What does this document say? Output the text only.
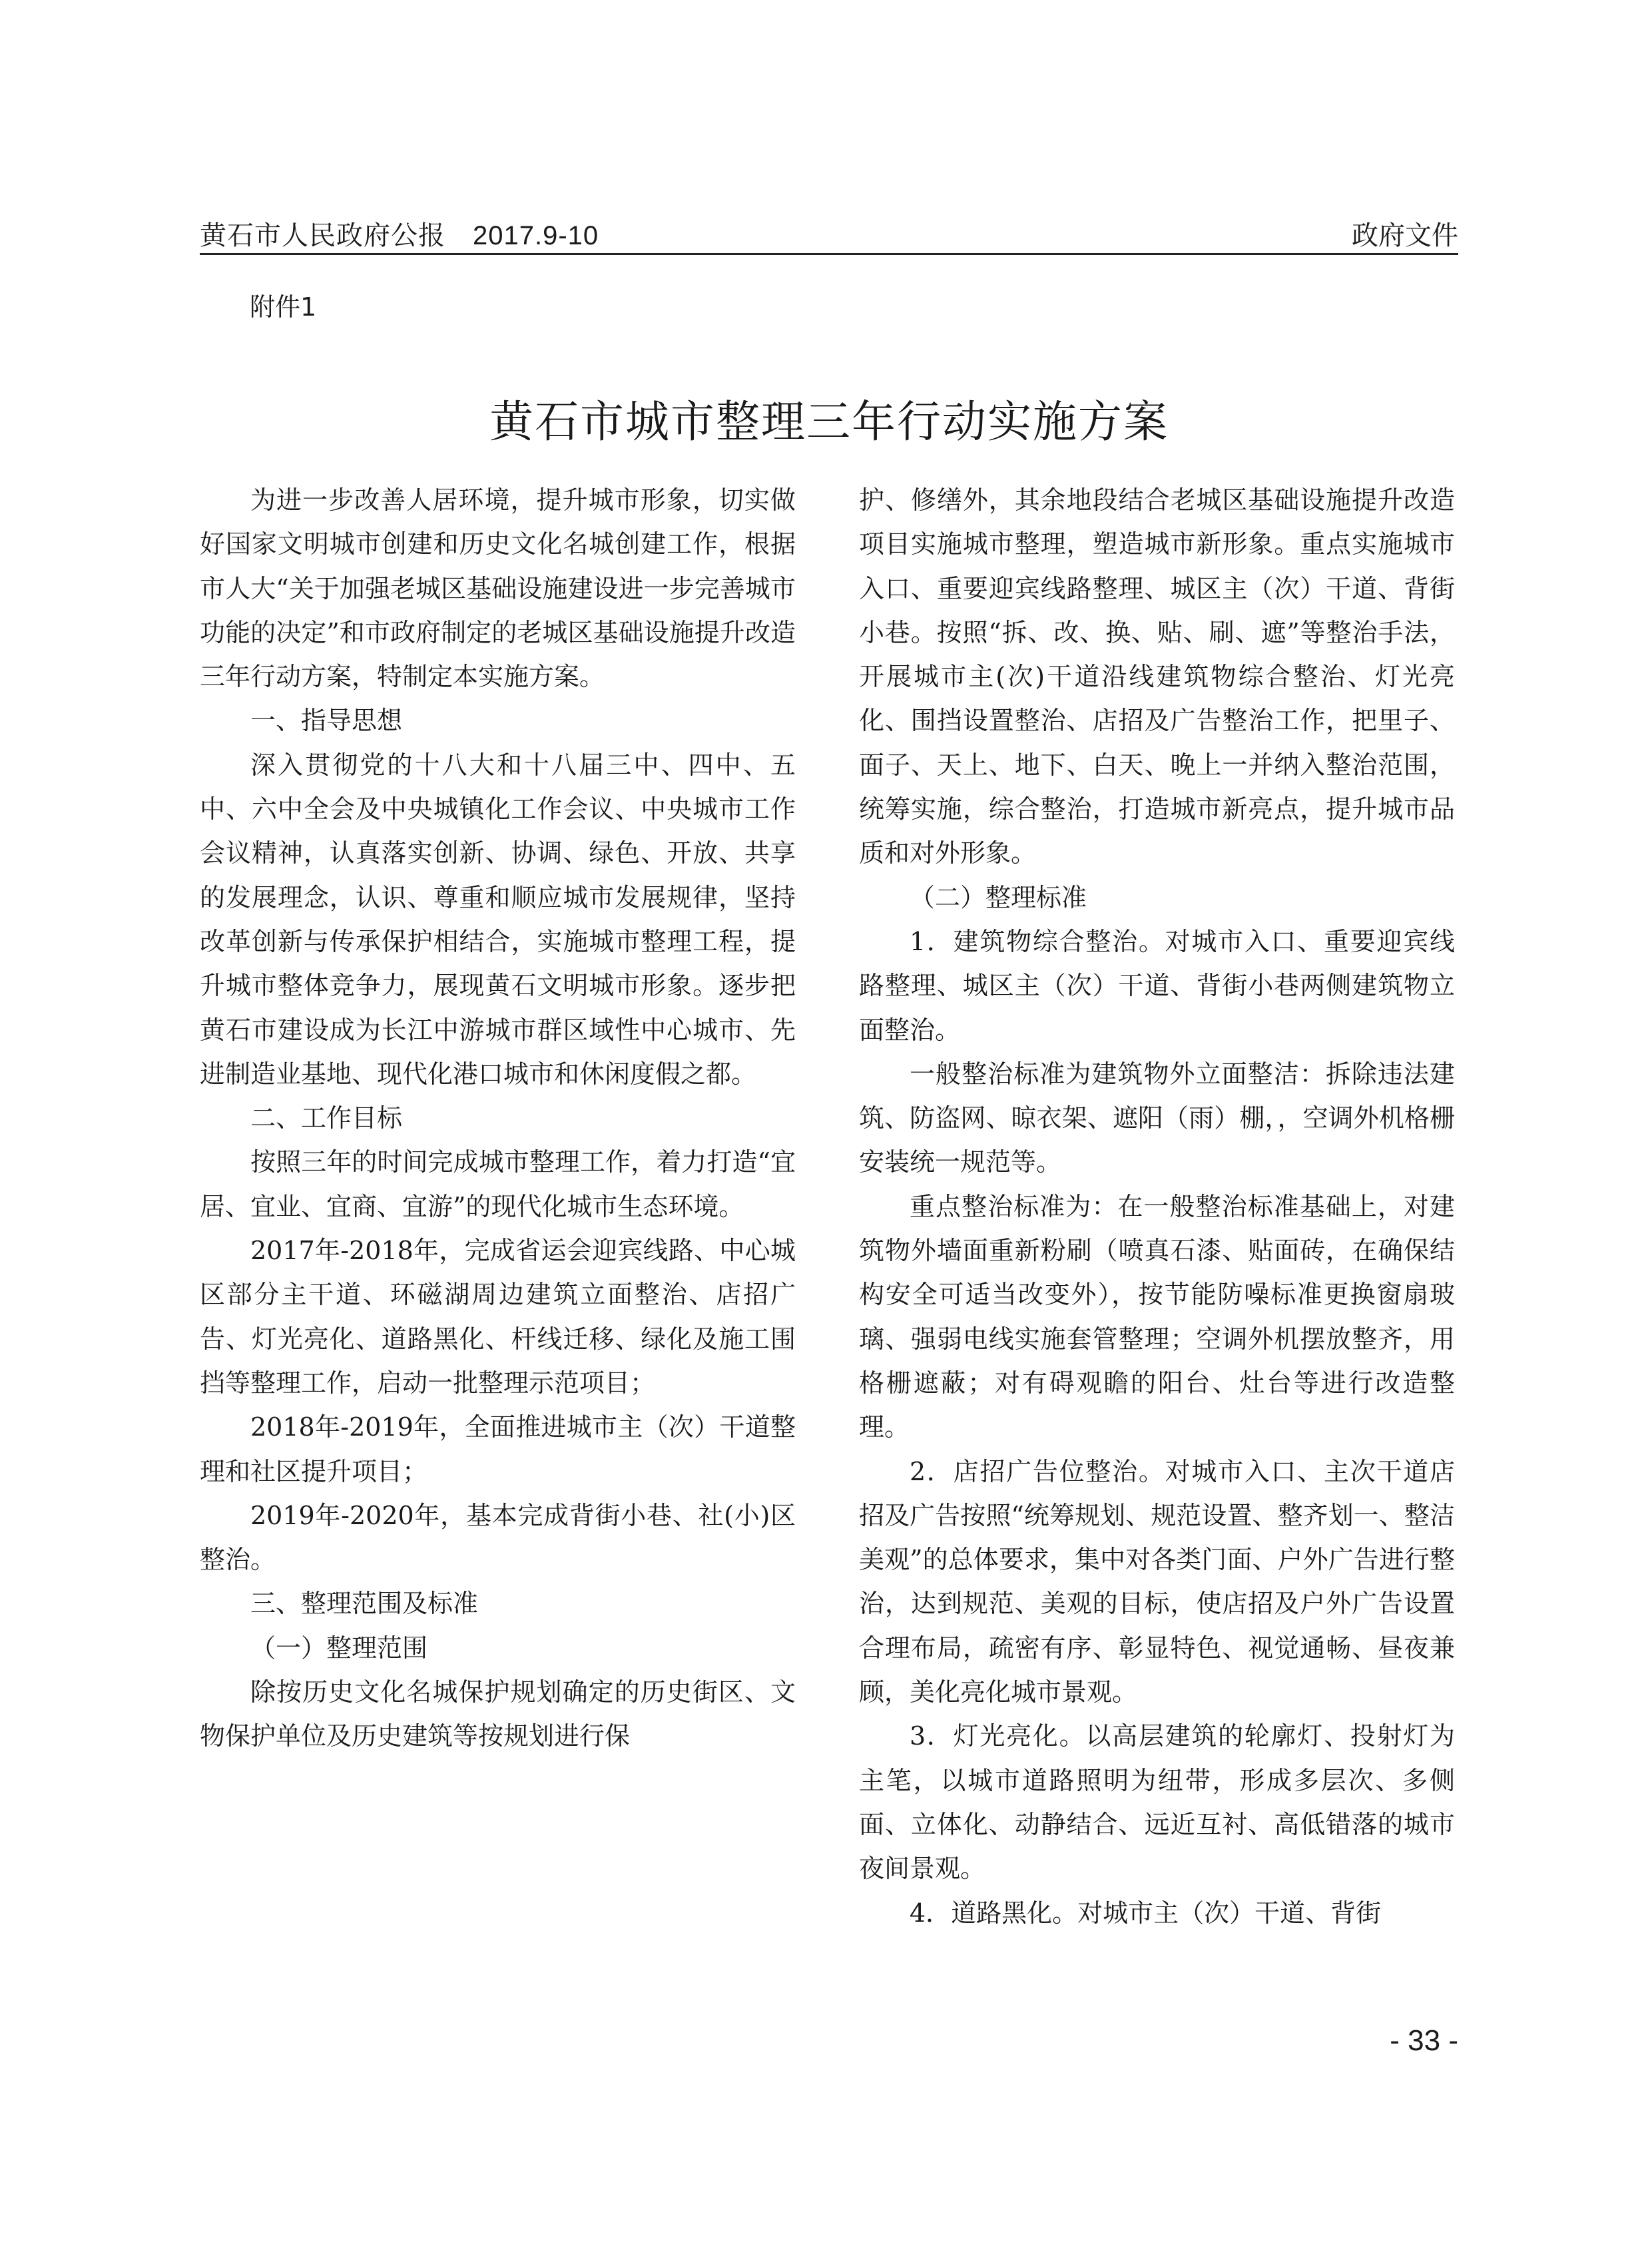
黄石市人民政府公报　2017.9-10	政府文件
附件1
黄石市城市整理三年行动实施方案

为进一步改善人居环境，提升城市形象，切实做好国家文明城市创建和历史文化名城创建工作，根据市人大“关于加强老城区基础设施建设进一步完善城市功能的决定”和市政府制定的老城区基础设施提升改造三年行动方案，特制定本实施方案。

一、指导思想

深入贯彻党的十八大和十八届三中、四中、五中、六中全会及中央城镇化工作会议、中央城市工作会议精神，认真落实创新、协调、绿色、开放、共享的发展理念，认识、尊重和顺应城市发展规律，坚持改革创新与传承保护相结合，实施城市整理工程，提升城市整体竞争力，展现黄石文明城市形象。逐步把黄石市建设成为长江中游城市群区域性中心城市、先进制造业基地、现代化港口城市和休闲度假之都。

二、工作目标

按照三年的时间完成城市整理工作，着力打造“宜居、宜业、宜商、宜游”的现代化城市生态环境。

2017年-2018年，完成省运会迎宾线路、中心城区部分主干道、环磁湖周边建筑立面整治、店招广告、灯光亮化、道路黑化、杆线迁移、绿化及施工围挡等整理工作，启动一批整理示范项目；

2018年-2019年，全面推进城市主（次）干道整理和社区提升项目；

2019年-2020年，基本完成背街小巷、社(小)区整治。

三、整理范围及标准

（一）整理范围

除按历史文化名城保护规划确定的历史街区、文物保护单位及历史建筑等按规划进行保

护、修缮外，其余地段结合老城区基础设施提升改造项目实施城市整理，塑造城市新形象。重点实施城市入口、重要迎宾线路整理、城区主（次）干道、背街小巷。按照“拆、改、换、贴、刷、遮”等整治手法，开展城市主(次)干道沿线建筑物综合整治、灯光亮化、围挡设置整治、店招及广告整治工作，把里子、面子、天上、地下、白天、晚上一并纳入整治范围，统筹实施，综合整治，打造城市新亮点，提升城市品质和对外形象。

（二）整理标准

1．建筑物综合整治。对城市入口、重要迎宾线路整理、城区主（次）干道、背街小巷两侧建筑物立面整治。

一般整治标准为建筑物外立面整洁：拆除违法建筑、防盗网、晾衣架、遮阳（雨）棚，，空调外机格栅安装统一规范等。

重点整治标准为：在一般整治标准基础上，对建筑物外墙面重新粉刷（喷真石漆、贴面砖，在确保结构安全可适当改变外），按节能防噪标准更换窗扇玻璃、强弱电线实施套管整理；空调外机摆放整齐，用格栅遮蔽；对有碍观瞻的阳台、灶台等进行改造整理。

2．店招广告位整治。对城市入口、主次干道店招及广告按照“统筹规划、规范设置、整齐划一、整洁美观”的总体要求，集中对各类门面、户外广告进行整治，达到规范、美观的目标，使店招及户外广告设置合理布局，疏密有序、彰显特色、视觉通畅、昼夜兼顾，美化亮化城市景观。

3．灯光亮化。以高层建筑的轮廓灯、投射灯为主笔，以城市道路照明为纽带，形成多层次、多侧面、立体化、动静结合、远近互衬、高低错落的城市夜间景观。

4．道路黑化。对城市主（次）干道、背街

- 33 -
